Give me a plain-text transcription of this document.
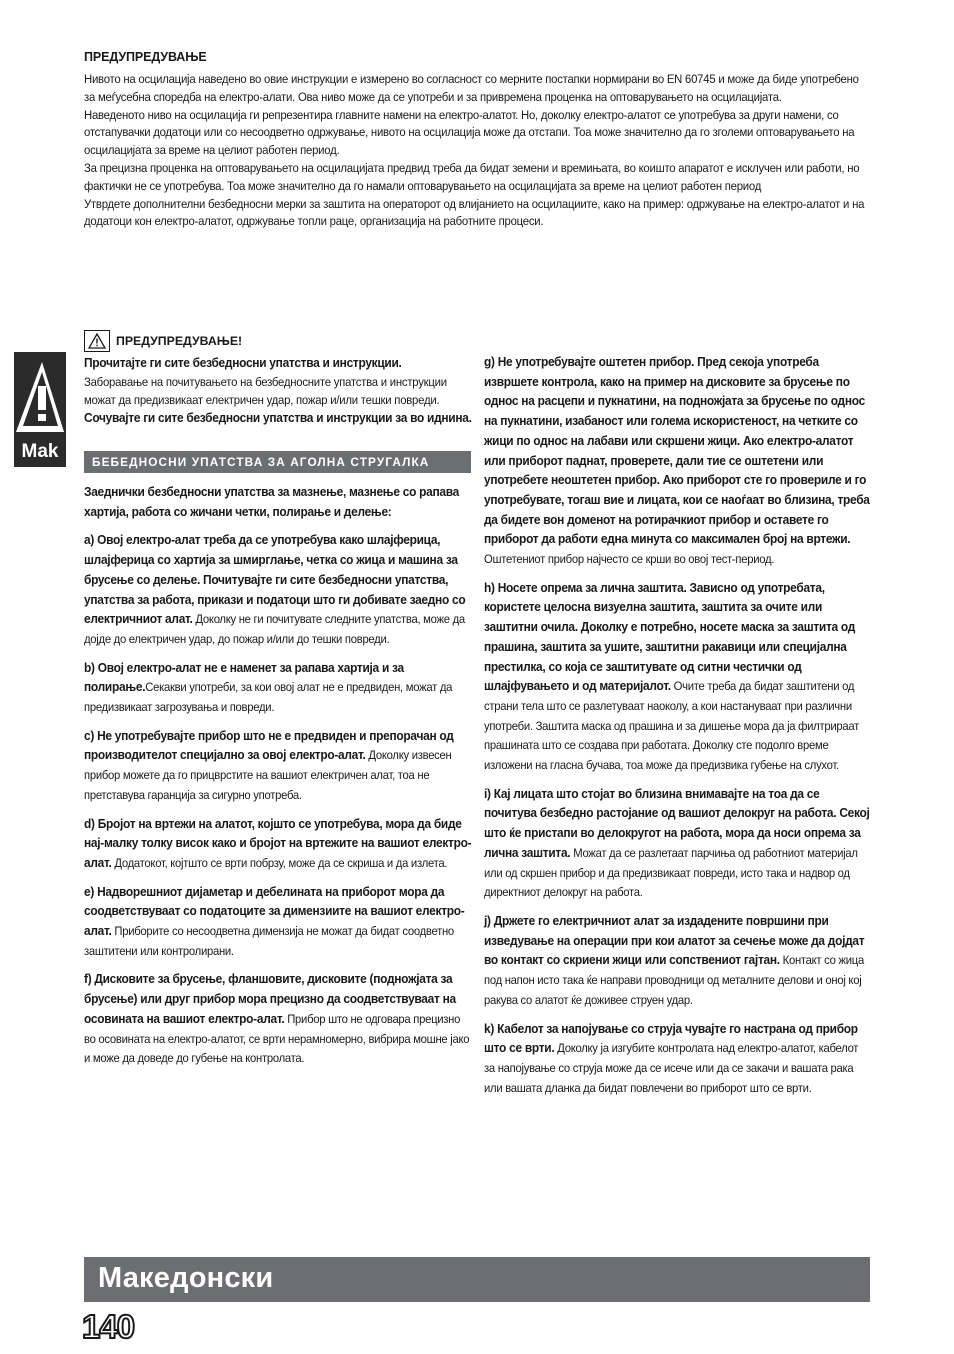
ПРЕДУПРЕДУВАЊЕ

Нивото на осцилација наведено во овие инструкции е измерено во согласност со мерните постапки нормирани во EN 60745 и може да биде употребено за меѓусебна споредба на електро-алати. Ова ниво може да се употреби и за привремена проценка на оптоварувањето на осцилацијата.

Наведеното ниво на осцилација ги репрезентира главните намени на електро-алатот. Но, доколку електро-алатот се употребува за други намени, со отстапувачки додатоци или со несоодветно одржување, нивото на осцилација може да отстапи. Тоа може значително да го зголеми оптоварувањето на осцилацијата за време на целиот работен период.

За прецизна проценка на оптоварувањето на осцилацијата предвид треба да бидат земени и времињата, во коишто апаратот е исклучен или работи, но фактички не се употребува. Тоа може значително да го намали оптоварувањето на осцилацијата за време на целиот работен период

Утврдете дополнителни безбедносни мерки за заштита на операторот од влијанието на осцилациите, како на пример: одржување на електро-алатот и на додатоци кон електро-алатот, одржување топли раце, организација на работните процеси.

Mak
ПРЕДУПРЕДУВАЊЕ!

Прочитајте ги сите безбедносни упатства и инструкции.

Заборавање на почитувањето на безбедносните упатства и инструкции можат да предизвикаат електричен удар, пожар и/или тешки повреди.

Сочувајте ги сите безбедносни упатства и инструкции за во иднина.

БЕБЕДНОСНИ УПАТСТВА ЗА АГОЛНА СТРУГАЛКА

Заеднички безбедносни упатства за мазнење, мазнење со рапава хартија, работа со жичани четки, полирање и делење:

a) Овој електро-алат треба да се употребува како шлајферица, шлајферица со хартија за шмирглање, четка со жица и машина за брусење со делење. Почитувајте ги сите безбедносни упатства, упатства за работа, прикази и податоци што ги добивате заедно со електричниот алат. Доколку не ги почитувате следните упатства, може да дојде до електричен удар, до пожар и/или до тешки повреди.

b) Овој електро-алат не е наменет за рапава хартија и за полирање.Секакви употреби, за кои овој алат не е предвиден, можат да предизвикаат загрозувања и повреди.

c) Не употребувајте прибор што не е предвиден и препорачан од производителот специјално за овој електро-алат. Доколку извесен прибор можете да го прицврстите на вашиот електричен алат, тоа не претставува гаранција за сигурно употреба.

d) Бројот на вртежи на алатот, којшто се употребува, мора да биде нај-малку толку висок како и бројот на вртежите на вашиот електро-алат. Додатокот, којтшто се врти побрзу, може да се скриша и да излета.

e) Надворешниот дијаметар и дебелината на приборот мора да соодветствуваат со податоците за димензиите на вашиот електро-алат. Приборите со несоодветна димензија не можат да бидат соодветно заштитени или контролирани.

f) Дисковите за брусење, фланшовите, дисковите (подножјата за брусење) или друг прибор мора прецизно да соодветствуваат на осовината на вашиот електро-алат. Прибор што не одговара прецизно во осовината на електро-алатот, се врти нерамномерно, вибрира мошне јако и може да доведе до губење на контролата.

g) Не употребувајте оштетен прибор. Пред секоја употреба извршете контрола, како на пример на дисковите за брусење по однос на расцепи и пукнатини, на подножјата за брусење по однос на пукнатини, изабаност или голема искористеност, на четките со жици по однос на лабави или скршени жици. Ако електро-алатот или приборот паднат, проверете, дали тие се оштетени или употребете неоштетен прибор. Ако приборот сте го провериле и го употребувате, тогаш вие и лицата, кои се наоѓаат во близина, треба да бидете вон доменот на ротирачкиот прибор и оставете го приборот да работи една минута со максимален број на вртежи. Оштетениот прибор најчесто се крши во овој тест-период.

h) Носете опрема за лична заштита. Зависно од употребата, користете целосна визуелна заштита, заштита за очите или заштитни очила. Доколку е потребно, носете маска за заштита од прашина, заштита за ушите, заштитни ракавици или специјална престилка, со која се заштитувате од ситни честички од шлајфувањето и од материјалот. Очите треба да бидат заштитени од страни тела што се разлетуваат наоколу, а кои настануваат при различни употреби. Заштита маска од прашина и за дишење мора да ја филтрираат прашината што се создава при работата. Доколку сте подолго време изложени на гласна бучава, тоа може да предизвика губење на слухот.

i) Кај лицата што стојат во близина внимавајте на тоа да се почитува безбедно растојание од вашиот делокруг на работа. Секој што ќе пристапи во делокругот на работа, мора да носи опрема за лична заштита. Можат да се разлетаат парчиња од работниот материјал или од скршен прибор и да предизвикаат повреди, исто така и надвор од директниот делокруг на работа.

j) Држете го електричниот алат за издадените површини при изведување на операции при кои алатот за сечење може да дојдат во контакт со скриени жици или сопствениот гајтан. Контакт со жица под напон исто така ќе направи проводници од металните делови и оној кој ракува со алатот ќе доживее струен удар.

k) Кабелот за напојување со струја чувајте го настрана од прибор што се врти. Доколку ја изгубите контролата над електро-алатот, кабелот за напојување со струја може да се исече или да се закачи и вашата рака или вашата дланка да бидат повлечени во приборот што се врти.

Македонски
140
